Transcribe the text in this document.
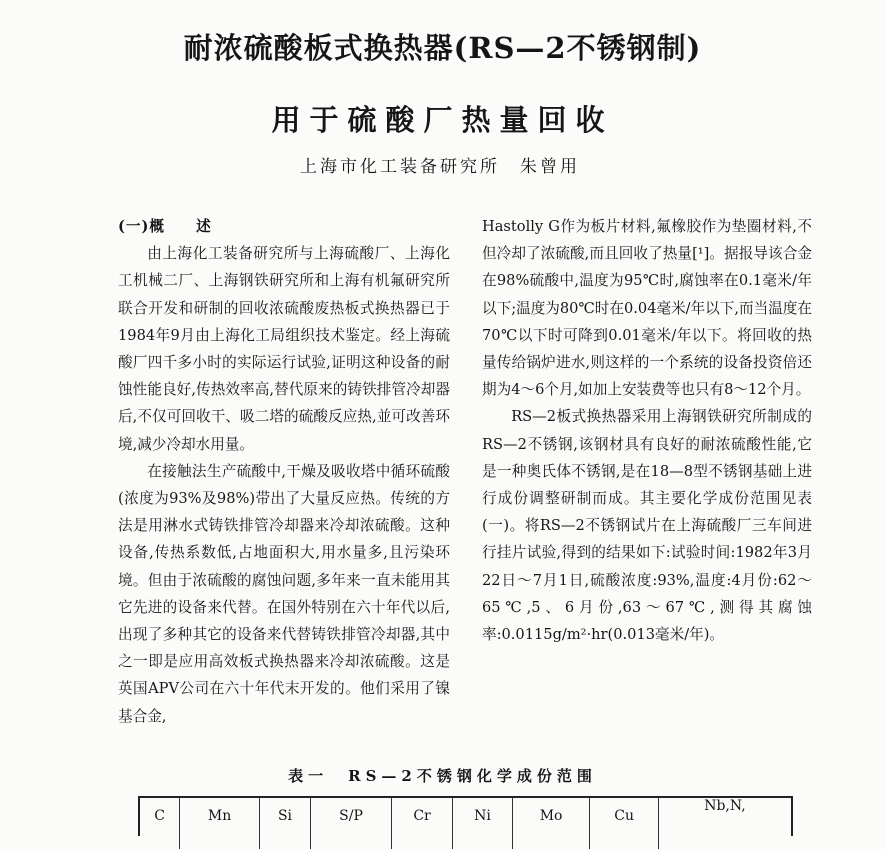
耐浓硫酸板式换热器(RS—2不锈钢制)
用于硫酸厂热量回收
上海市化工装备研究所　朱曾用

(一)概　　述

由上海化工装备研究所与上海硫酸厂、上海化工机械二厂、上海钢铁研究所和上海有机氟研究所联合开发和研制的回收浓硫酸废热板式换热器已于1984年9月由上海化工局组织技术鉴定。经上海硫酸厂四千多小时的实际运行试验,证明这种设备的耐蚀性能良好,传热效率高,替代原来的铸铁排管冷却器后,不仅可回收干、吸二塔的硫酸反应热,並可改善环境,减少冷却水用量。

在接触法生产硫酸中,干燥及吸收塔中循环硫酸(浓度为93%及98%)带出了大量反应热。传统的方法是用淋水式铸铁排管冷却器来冷却浓硫酸。这种设备,传热系数低,占地面积大,用水量多,且污染环境。但由于浓硫酸的腐蚀问题,多年来一直未能用其它先进的设备来代替。在国外特别在六十年代以后,出现了多种其它的设备来代替铸铁排管冷却器,其中之一即是应用高效板式换热器来冷却浓硫酸。这是英国APV公司在六十年代末开发的。他们采用了镍基合金,

Hastolly G作为板片材料,氟橡胶作为垫圈材料,不但冷却了浓硫酸,而且回收了热量[¹]。据报导该合金在98%硫酸中,温度为95℃时,腐蚀率在0.1毫米/年以下;温度为80℃时在0.04毫米/年以下,而当温度在70℃以下时可降到0.01毫米/年以下。将回收的热量传给锅炉进水,则这样的一个系统的设备投资倍还期为4～6个月,如加上安装费等也只有8～12个月。

RS—2板式换热器采用上海钢铁研究所制成的RS—2不锈钢,该钢材具有良好的耐浓硫酸性能,它是一种奥氏体不锈钢,是在18—8型不锈钢基础上进行成份调整研制而成。其主要化学成份范围见表(一)。将RS—2不锈钢试片在上海硫酸厂三车间进行挂片试验,得到的结果如下:试验时间:1982年3月22日～7月1日,硫酸浓度:93%,温度:4月份:62～65℃,5、6月份,63～67℃,测得其腐蚀率:0.0115g/m²·hr(0.013毫米/年)。

表一　RS—2不锈钢化学成份范围
C	Mn	Si	S/P	Cr	Ni	Mo	Cu	Nb,N,
